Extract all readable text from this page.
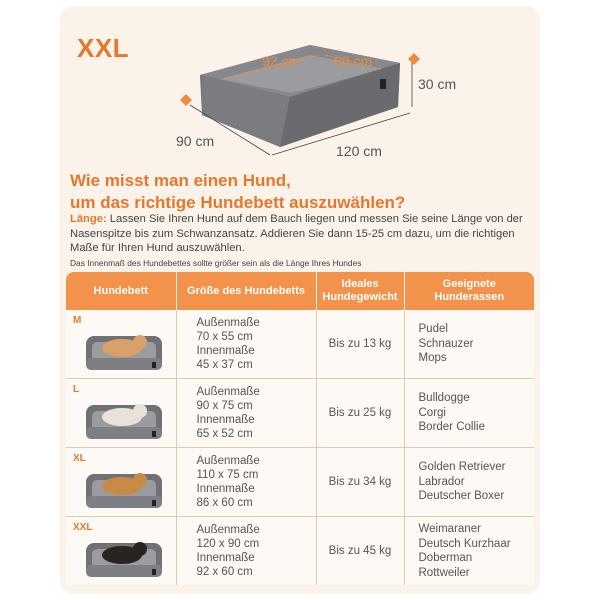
XXL	92 cm 60 cm
30 cm
90 cm
120 cm
Wie misst man einen Hund,
um das richtige Hundebett auszuwählen?
Länge: Lassen Sie Ihren Hund auf dem Bauch liegen und messen Sie seine Länge von der Nasenspitze bis zum Schwanzansatz. Addieren Sie dann 15-25 cm dazu, um die richtigen Maße für Ihren Hund auszuwählen.
Das Innenmaß des Hundebettes sollte größer sein als die Länge Ihres Hundes
Hundebett	Größe des Hundebetts	Ideales Hundegewicht	Geeignete Hunderassen

M	Außenmaße
70 x 55 cm
Innenmaße
45 x 37 cm	Bis zu 13 kg	Pudel
Schnauzer
Mops

L	Außenmaße
90 x 75 cm
Innenmaße
65 x 52 cm	Bis zu 25 kg	Bulldogge
Corgi
Border Collie

XL	Außenmaße
110 x 75 cm
Innenmaße
86 x 60 cm	Bis zu 34 kg	Golden Retriever
Labrador
Deutscher Boxer

XXL	Außenmaße
120 x 90 cm
Innenmaße
92 x 60 cm	Bis zu 45 kg	Weimaraner
Deutsch Kurzhaar
Doberman
Rottweiler
